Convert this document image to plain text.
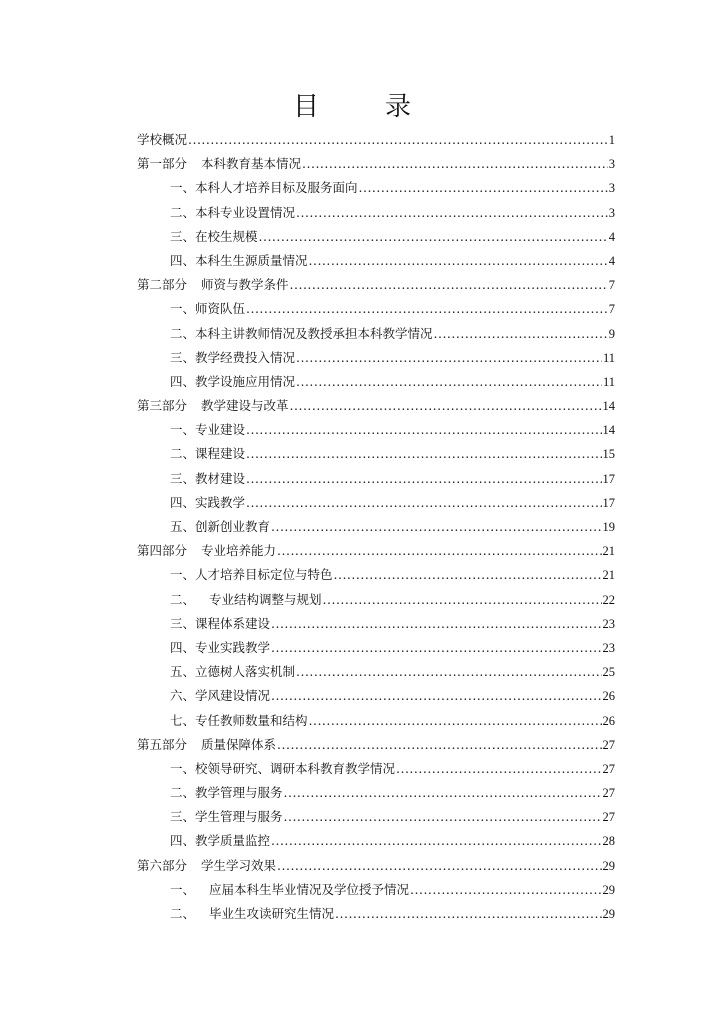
目　录
学校概况 .....	1
第一部分 本科教育基本情况 .....	3
一、本科人才培养目标及服务面向 .....	3
二、本科专业设置情况 .....	3
三、在校生规模 .....	4
四、本科生生源质量情况 .....	4
第二部分 师资与教学条件 .....	7
一、师资队伍 .....	7
二、本科主讲教师情况及教授承担本科教学情况 .....	9
三、教学经费投入情况 .....	11
四、教学设施应用情况 .....	11
第三部分 教学建设与改革 .....	14
一、专业建设 .....	14
二、课程建设 .....	15
三、教材建设 .....	17
四、实践教学 .....	17
五、创新创业教育 .....	19
第四部分 专业培养能力 .....	21
一、人才培养目标定位与特色 .....	21
二、 专业结构调整与规划 .....	22
三、课程体系建设 .....	23
四、专业实践教学 .....	23
五、立德树人落实机制 .....	25
六、学风建设情况 .....	26
七、专任教师数量和结构 .....	26
第五部分 质量保障体系 .....	27
一、校领导研究、调研本科教育教学情况 .....	27
二、教学管理与服务 .....	27
三、学生管理与服务 .....	27
四、教学质量监控 .....	28
第六部分 学生学习效果 .....	29
一、 应届本科生毕业情况及学位授予情况 .....	29
二、 毕业生攻读研究生情况 .....	29
